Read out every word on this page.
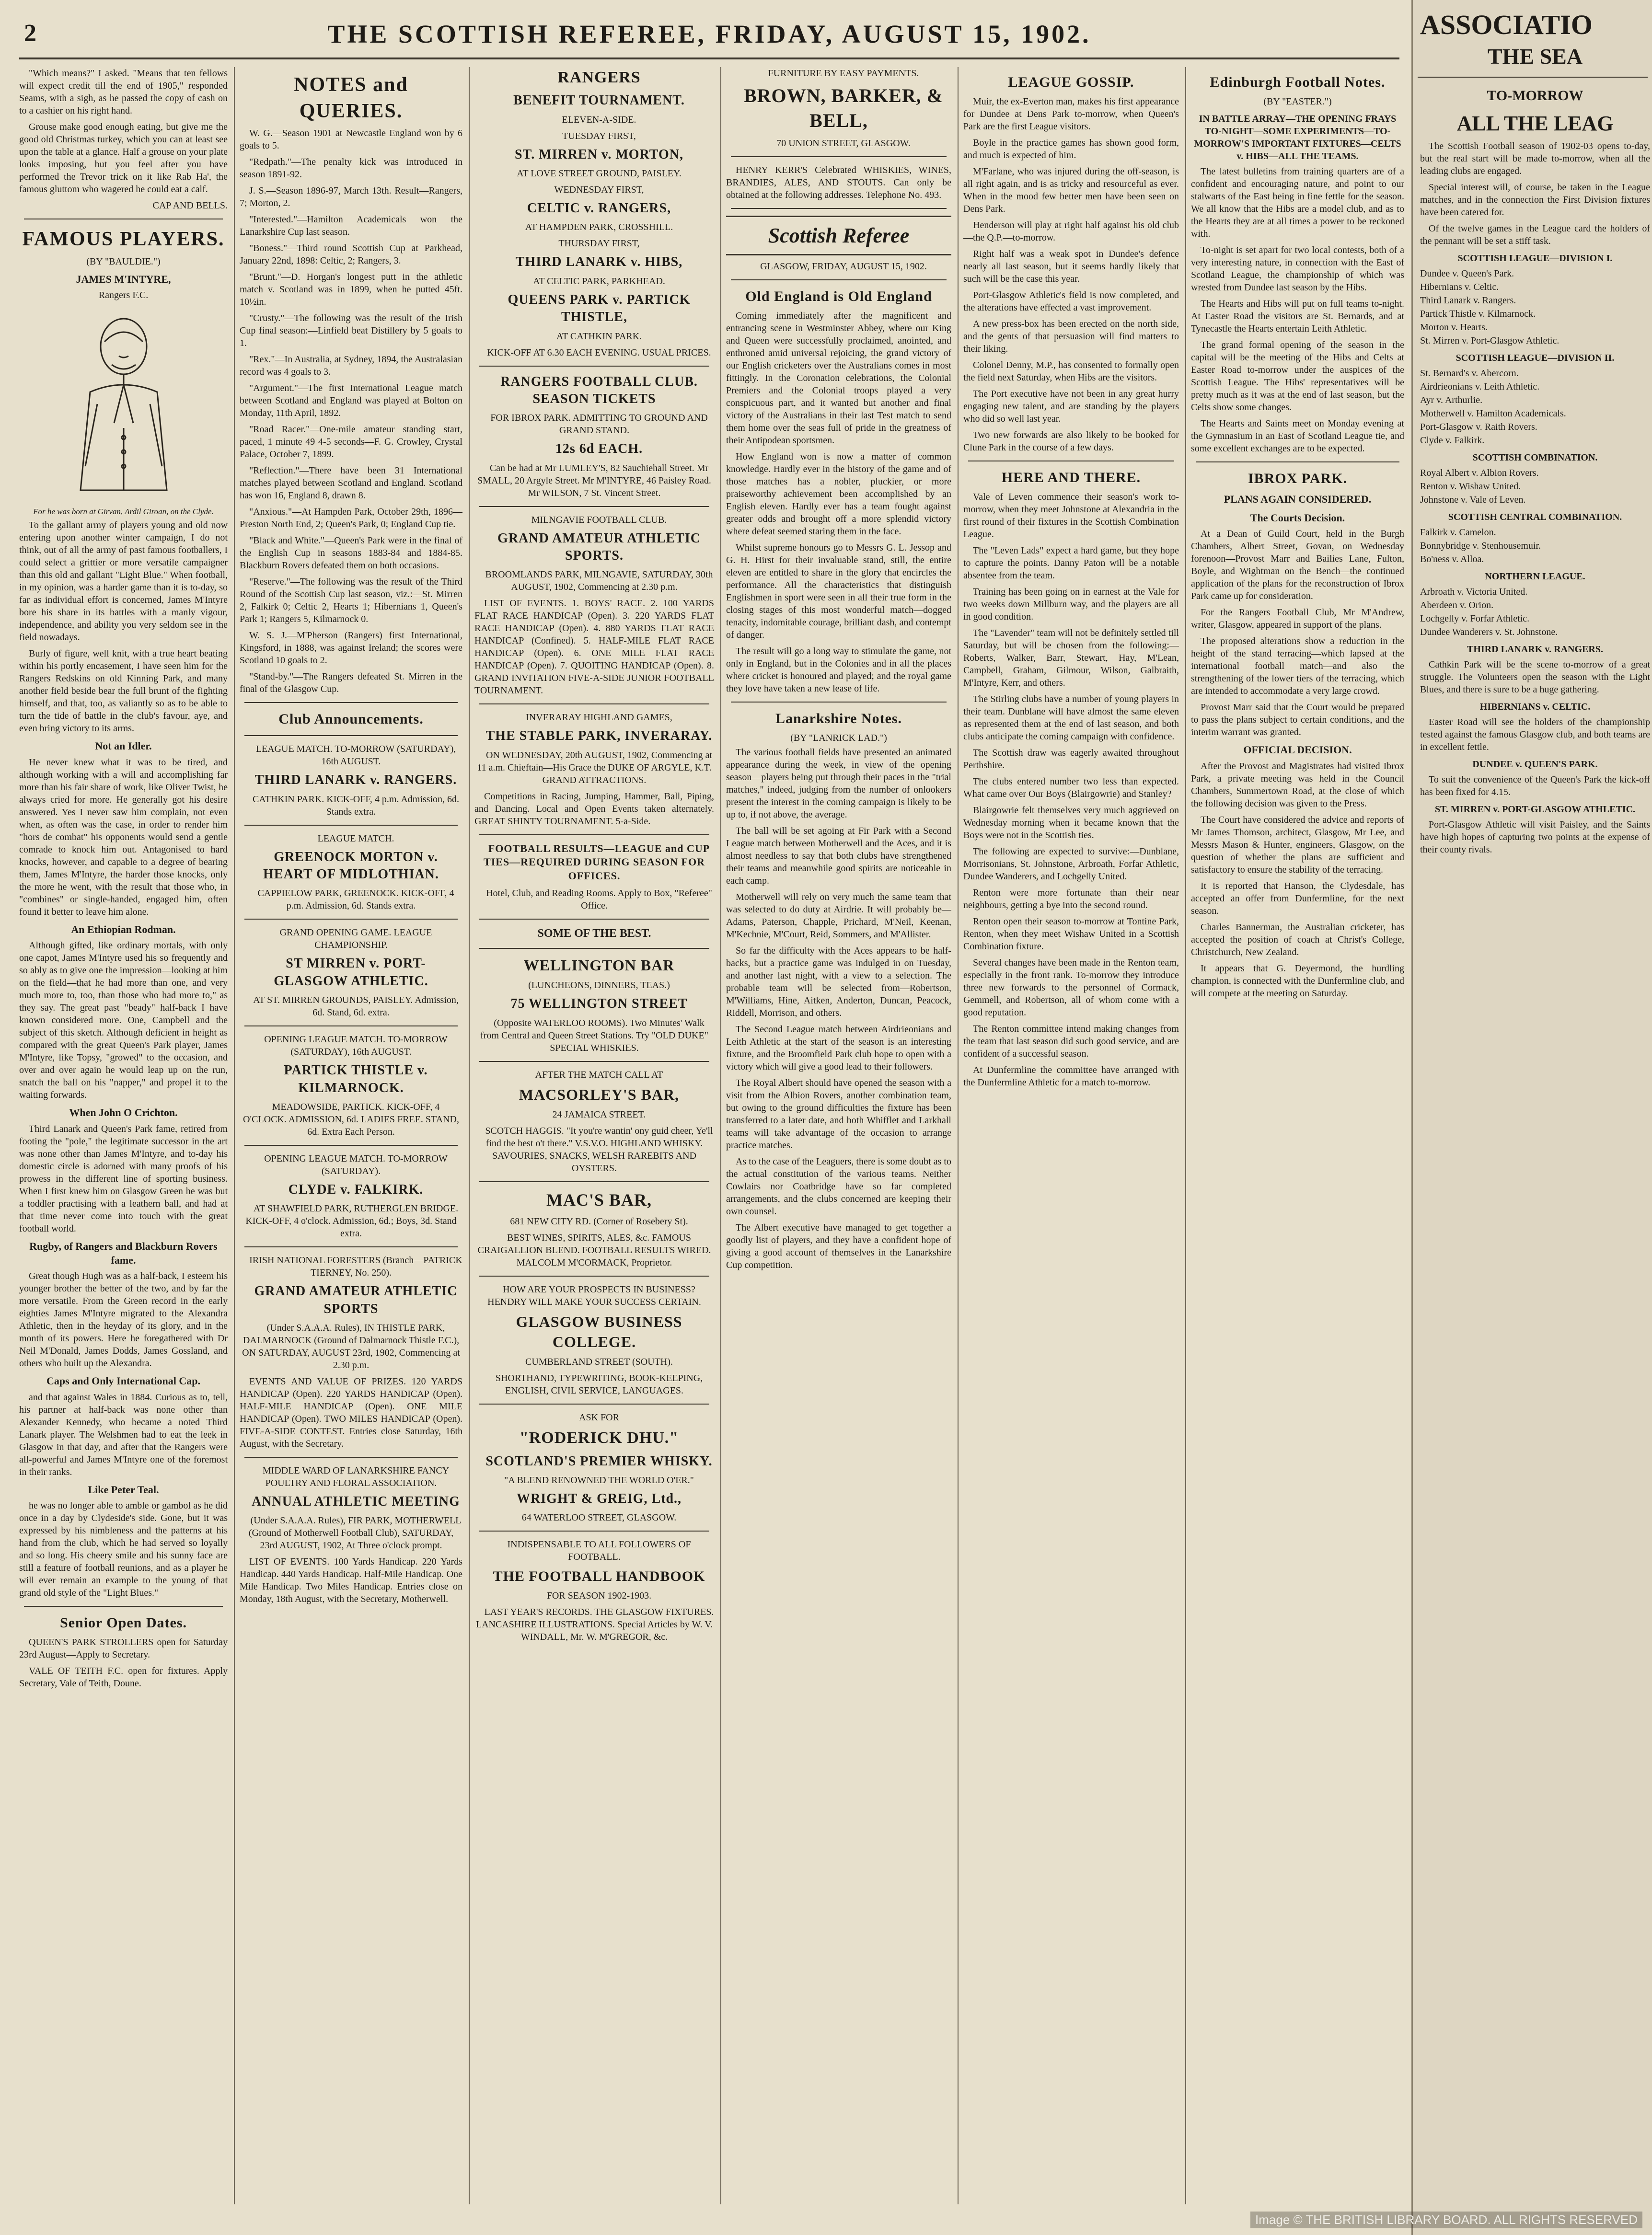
2	THE SCOTTISH REFEREE, FRIDAY, AUGUST 15, 1902.

"Which means?" I asked. "Means that ten fellows will expect credit till the end of 1905," responded Seams, with a sigh, as he passed the copy of cash on to a cashier on his right hand.

Grouse make good enough eating, but give me the good old Christmas turkey, which you can at least see upon the table at a glance. Half a grouse on your plate looks imposing, but you feel after you have performed the Trevor trick on it like Rab Ha', the famous gluttom who wagered he could eat a calf.

CAP AND BELLS.

FAMOUS PLAYERS.

(BY "BAULDIE.")

JAMES M'INTYRE,

Rangers F.C.

For he was born at Girvan, Ardil Giroan, on the Clyde.

To the gallant army of players young and old now entering upon another winter campaign, I do not think, out of all the army of past famous footballers, I could select a grittier or more versatile campaigner than this old and gallant "Light Blue." When football, in my opinion, was a harder game than it is to-day, so far as individual effort is concerned, James M'Intyre bore his share in its battles with a manly vigour, independence, and ability you very seldom see in the field nowadays.

Burly of figure, well knit, with a true heart beating within his portly encasement, I have seen him for the Rangers Redskins on old Kinning Park, and many another field beside bear the full brunt of the fighting himself, and that, too, as valiantly so as to be able to turn the tide of battle in the club's favour, aye, and even bring victory to its arms.

Not an Idler.

He never knew what it was to be tired, and although working with a will and accomplishing far more than his fair share of work, like Oliver Twist, he always cried for more. He generally got his desire answered. Yes I never saw him complain, not even when, as often was the case, in order to render him "hors de combat" his opponents would send a gentle comrade to knock him out. Antagonised to hard knocks, however, and capable to a degree of bearing them, James M'Intyre, the harder those knocks, only the more he went, with the result that those who, in "combines" or single-handed, engaged him, often found it better to leave him alone.

An Ethiopian Rodman.

Although gifted, like ordinary mortals, with only one capot, James M'Intyre used his so frequently and so ably as to give one the impression—looking at him on the field—that he had more than one, and very much more to, too, than those who had more to," as they say. The great past "beady" half-back I have known considered more. One, Campbell and the subject of this sketch. Although deficient in height as compared with the great Queen's Park player, James M'Intyre, like Topsy, "growed" to the occasion, and over and over again he would leap up on the run, snatch the ball on his "napper," and propel it to the waiting forwards.

When John O Crichton.

Third Lanark and Queen's Park fame, retired from footing the "pole," the legitimate successor in the art was none other than James M'Intyre, and to-day his domestic circle is adorned with many proofs of his prowess in the different line of sporting business. When I first knew him on Glasgow Green he was but a toddler practising with a leathern ball, and had at that time never come into touch with the great football world.

Rugby, of Rangers and Blackburn Rovers fame.

Great though Hugh was as a half-back, I esteem his younger brother the better of the two, and by far the more versatile. From the Green record in the early eighties James M'Intyre migrated to the Alexandra Athletic, then in the heyday of its glory, and in the month of its powers. Here he foregathered with Dr Neil M'Donald, James Dodds, James Gossland, and others who built up the Alexandra.

Caps and Only International Cap.

and that against Wales in 1884. Curious as to, tell, his partner at half-back was none other than Alexander Kennedy, who became a noted Third Lanark player. The Welshmen had to eat the leek in Glasgow in that day, and after that the Rangers were all-powerful and James M'Intyre one of the foremost in their ranks.

Like Peter Teal.

he was no longer able to amble or gambol as he did once in a day by Clydeside's side. Gone, but it was expressed by his nimbleness and the patterns at his hand from the club, which he had served so loyally and so long. His cheery smile and his sunny face are still a feature of football reunions, and as a player he will ever remain an example to the young of that grand old style of the "Light Blues."

Senior Open Dates.

QUEEN'S PARK STROLLERS open for Saturday 23rd August—Apply to Secretary.

VALE OF TEITH F.C. open for fixtures. Apply Secretary, Vale of Teith, Doune.

NOTES and QUERIES.

W. G.—Season 1901 at Newcastle England won by 6 goals to 5.

"Redpath."—The penalty kick was introduced in season 1891-92.

J. S.—Season 1896-97, March 13th. Result—Rangers, 7; Morton, 2.

"Interested."—Hamilton Academicals won the Lanarkshire Cup last season.

"Boness."—Third round Scottish Cup at Parkhead, January 22nd, 1898: Celtic, 2; Rangers, 3.

"Brunt."—D. Horgan's longest putt in the athletic match v. Scotland was in 1899, when he putted 45ft. 10½in.

"Crusty."—The following was the result of the Irish Cup final season:—Linfield beat Distillery by 5 goals to 1.

"Rex."—In Australia, at Sydney, 1894, the Australasian record was 4 goals to 3.

"Argument."—The first International League match between Scotland and England was played at Bolton on Monday, 11th April, 1892.

"Road Racer."—One-mile amateur standing start, paced, 1 minute 49 4-5 seconds—F. G. Crowley, Crystal Palace, October 7, 1899.

"Reflection."—There have been 31 International matches played between Scotland and England. Scotland has won 16, England 8, drawn 8.

"Anxious."—At Hampden Park, October 29th, 1896—Preston North End, 2; Queen's Park, 0; England Cup tie.

"Black and White."—Queen's Park were in the final of the English Cup in seasons 1883-84 and 1884-85. Blackburn Rovers defeated them on both occasions.

"Reserve."—The following was the result of the Third Round of the Scottish Cup last season, viz.:—St. Mirren 2, Falkirk 0; Celtic 2, Hearts 1; Hibernians 1, Queen's Park 1; Rangers 5, Kilmarnock 0.

W. S. J.—M'Pherson (Rangers) first International, Kingsford, in 1888, was against Ireland; the scores were Scotland 10 goals to 2.

"Stand-by."—The Rangers defeated St. Mirren in the final of the Glasgow Cup.

Club Announcements.

LEAGUE MATCH. TO-MORROW (SATURDAY), 16th AUGUST.

THIRD LANARK v. RANGERS.

CATHKIN PARK. KICK-OFF, 4 p.m. Admission, 6d. Stands extra.

LEAGUE MATCH.

GREENOCK MORTON v. HEART OF MIDLOTHIAN.

CAPPIELOW PARK, GREENOCK. KICK-OFF, 4 p.m. Admission, 6d. Stands extra.

GRAND OPENING GAME. LEAGUE CHAMPIONSHIP.

ST MIRREN v. PORT-GLASGOW ATHLETIC.

AT ST. MIRREN GROUNDS, PAISLEY. Admission, 6d. Stand, 6d. extra.

OPENING LEAGUE MATCH. TO-MORROW (SATURDAY), 16th AUGUST.

PARTICK THISTLE v. KILMARNOCK.

MEADOWSIDE, PARTICK. KICK-OFF, 4 O'CLOCK. ADMISSION, 6d. LADIES FREE. STAND, 6d. Extra Each Person.

OPENING LEAGUE MATCH. TO-MORROW (SATURDAY).

CLYDE v. FALKIRK.

AT SHAWFIELD PARK, RUTHERGLEN BRIDGE. KICK-OFF, 4 o'clock. Admission, 6d.; Boys, 3d. Stand extra.

IRISH NATIONAL FORESTERS (Branch—PATRICK TIERNEY, No. 250).

GRAND AMATEUR ATHLETIC SPORTS

(Under S.A.A.A. Rules), IN THISTLE PARK, DALMARNOCK (Ground of Dalmarnock Thistle F.C.), ON SATURDAY, AUGUST 23rd, 1902, Commencing at 2.30 p.m.

EVENTS AND VALUE OF PRIZES. 120 YARDS HANDICAP (Open). 220 YARDS HANDICAP (Open). HALF-MILE HANDICAP (Open). ONE MILE HANDICAP (Open). TWO MILES HANDICAP (Open). FIVE-A-SIDE CONTEST. Entries close Saturday, 16th August, with the Secretary.

MIDDLE WARD OF LANARKSHIRE FANCY POULTRY AND FLORAL ASSOCIATION.

ANNUAL ATHLETIC MEETING

(Under S.A.A.A. Rules), FIR PARK, MOTHERWELL (Ground of Motherwell Football Club), SATURDAY, 23rd AUGUST, 1902, At Three o'clock prompt.

LIST OF EVENTS. 100 Yards Handicap. 220 Yards Handicap. 440 Yards Handicap. Half-Mile Handicap. One Mile Handicap. Two Miles Handicap. Entries close on Monday, 18th August, with the Secretary, Motherwell.

RANGERS

BENEFIT TOURNAMENT.

ELEVEN-A-SIDE.

TUESDAY FIRST,

ST. MIRREN v. MORTON,

AT LOVE STREET GROUND, PAISLEY.

WEDNESDAY FIRST,

CELTIC v. RANGERS,

AT HAMPDEN PARK, CROSSHILL.

THURSDAY FIRST,

THIRD LANARK v. HIBS,

AT CELTIC PARK, PARKHEAD.

QUEENS PARK v. PARTICK THISTLE,

AT CATHKIN PARK.

KICK-OFF AT 6.30 EACH EVENING. USUAL PRICES.

RANGERS FOOTBALL CLUB. SEASON TICKETS

FOR IBROX PARK. ADMITTING TO GROUND AND GRAND STAND.

12s 6d EACH.

Can be had at Mr LUMLEY'S, 82 Sauchiehall Street. Mr SMALL, 20 Argyle Street. Mr M'INTYRE, 46 Paisley Road. Mr WILSON, 7 St. Vincent Street.

MILNGAVIE FOOTBALL CLUB.

GRAND AMATEUR ATHLETIC SPORTS.

BROOMLANDS PARK, MILNGAVIE, SATURDAY, 30th AUGUST, 1902, Commencing at 2.30 p.m.

LIST OF EVENTS. 1. BOYS' RACE. 2. 100 YARDS FLAT RACE HANDICAP (Open). 3. 220 YARDS FLAT RACE HANDICAP (Open). 4. 880 YARDS FLAT RACE HANDICAP (Confined). 5. HALF-MILE FLAT RACE HANDICAP (Open). 6. ONE MILE FLAT RACE HANDICAP (Open). 7. QUOITING HANDICAP (Open). 8. GRAND INVITATION FIVE-A-SIDE JUNIOR FOOTBALL TOURNAMENT.

INVERARAY HIGHLAND GAMES,

THE STABLE PARK, INVERARAY.

ON WEDNESDAY, 20th AUGUST, 1902, Commencing at 11 a.m. Chieftain—His Grace the DUKE OF ARGYLE, K.T. GRAND ATTRACTIONS.

Competitions in Racing, Jumping, Hammer, Ball, Piping, and Dancing. Local and Open Events taken alternately. GREAT SHINTY TOURNAMENT. 5-a-Side.

FOOTBALL RESULTS—LEAGUE and CUP TIES—REQUIRED DURING SEASON FOR OFFICES.

Hotel, Club, and Reading Rooms. Apply to Box, "Referee" Office.

SOME OF THE BEST.

WELLINGTON BAR

(LUNCHEONS, DINNERS, TEAS.)

75 WELLINGTON STREET

(Opposite WATERLOO ROOMS). Two Minutes' Walk from Central and Queen Street Stations. Try "OLD DUKE" SPECIAL WHISKIES.

AFTER THE MATCH CALL AT

MACSORLEY'S BAR,

24 JAMAICA STREET.

SCOTCH HAGGIS. "It you're wantin' ony guid cheer, Ye'll find the best o't there." V.S.V.O. HIGHLAND WHISKY. SAVOURIES, SNACKS, WELSH RAREBITS AND OYSTERS.

MAC'S BAR,

681 NEW CITY RD. (Corner of Rosebery St).

BEST WINES, SPIRITS, ALES, &c. FAMOUS CRAIGALLION BLEND. FOOTBALL RESULTS WIRED. MALCOLM M'CORMACK, Proprietor.

HOW ARE YOUR PROSPECTS IN BUSINESS? HENDRY WILL MAKE YOUR SUCCESS CERTAIN.

GLASGOW BUSINESS COLLEGE.

CUMBERLAND STREET (SOUTH).

SHORTHAND, TYPEWRITING, BOOK-KEEPING, ENGLISH, CIVIL SERVICE, LANGUAGES.

ASK FOR

"RODERICK DHU."

SCOTLAND'S PREMIER WHISKY.

"A BLEND RENOWNED THE WORLD O'ER."

WRIGHT & GREIG, Ltd.,

64 WATERLOO STREET, GLASGOW.

INDISPENSABLE TO ALL FOLLOWERS OF FOOTBALL.

THE FOOTBALL HANDBOOK

FOR SEASON 1902-1903.

LAST YEAR'S RECORDS. THE GLASGOW FIXTURES. LANCASHIRE ILLUSTRATIONS. Special Articles by W. V. WINDALL, Mr. W. M'GREGOR, &c.

FURNITURE BY EASY PAYMENTS.

BROWN, BARKER, & BELL,

70 UNION STREET, GLASGOW.

HENRY KERR'S Celebrated WHISKIES, WINES, BRANDIES, ALES, AND STOUTS. Can only be obtained at the following addresses. Telephone No. 493.

Scottish Referee

GLASGOW, FRIDAY, AUGUST 15, 1902.

Old England is Old England

Coming immediately after the magnificent and entrancing scene in Westminster Abbey, where our King and Queen were successfully proclaimed, anointed, and enthroned amid universal rejoicing, the grand victory of our English cricketers over the Australians comes in most fittingly. In the Coronation celebrations, the Colonial Premiers and the Colonial troops played a very conspicuous part, and it wanted but another and final victory of the Australians in their last Test match to send them home over the seas full of pride in the greatness of their Antipodean sportsmen.

How England won is now a matter of common knowledge. Hardly ever in the history of the game and of those matches has a nobler, pluckier, or more praiseworthy achievement been accomplished by an English eleven. Hardly ever has a team fought against greater odds and brought off a more splendid victory where defeat seemed staring them in the face.

Whilst supreme honours go to Messrs G. L. Jessop and G. H. Hirst for their invaluable stand, still, the entire eleven are entitled to share in the glory that encircles the performance. All the characteristics that distinguish Englishmen in sport were seen in all their true form in the closing stages of this most wonderful match—dogged tenacity, indomitable courage, brilliant dash, and contempt of danger.

The result will go a long way to stimulate the game, not only in England, but in the Colonies and in all the places where cricket is honoured and played; and the royal game they love have taken a new lease of life.

Lanarkshire Notes.

(BY "LANRICK LAD.")

The various football fields have presented an animated appearance during the week, in view of the opening season—players being put through their paces in the "trial matches," indeed, judging from the number of onlookers present the interest in the coming campaign is likely to be up to, if not above, the average.

The ball will be set agoing at Fir Park with a Second League match between Motherwell and the Aces, and it is almost needless to say that both clubs have strengthened their teams and meanwhile good spirits are noticeable in each camp.

Motherwell will rely on very much the same team that was selected to do duty at Airdrie. It will probably be—Adams, Paterson, Chapple, Prichard, M'Neil, Keenan, M'Kechnie, M'Court, Reid, Sommers, and M'Allister.

So far the difficulty with the Aces appears to be half-backs, but a practice game was indulged in on Tuesday, and another last night, with a view to a selection. The probable team will be selected from—Robertson, M'Williams, Hine, Aitken, Anderton, Duncan, Peacock, Riddell, Morrison, and others.

The Second League match between Airdrieonians and Leith Athletic at the start of the season is an interesting fixture, and the Broomfield Park club hope to open with a victory which will give a good lead to their followers.

The Royal Albert should have opened the season with a visit from the Albion Rovers, another combination team, but owing to the ground difficulties the fixture has been transferred to a later date, and both Whifflet and Larkhall teams will take advantage of the occasion to arrange practice matches.

As to the case of the Leaguers, there is some doubt as to the actual constitution of the various teams. Neither Cowlairs nor Coatbridge have so far completed arrangements, and the clubs concerned are keeping their own counsel.

The Albert executive have managed to get together a goodly list of players, and they have a confident hope of giving a good account of themselves in the Lanarkshire Cup competition.

LEAGUE GOSSIP.

Muir, the ex-Everton man, makes his first appearance for Dundee at Dens Park to-morrow, when Queen's Park are the first League visitors.

Boyle in the practice games has shown good form, and much is expected of him.

M'Farlane, who was injured during the off-season, is all right again, and is as tricky and resourceful as ever. When in the mood few better men have been seen on Dens Park.

Henderson will play at right half against his old club—the Q.P.—to-morrow.

Right half was a weak spot in Dundee's defence nearly all last season, but it seems hardly likely that such will be the case this year.

Port-Glasgow Athletic's field is now completed, and the alterations have effected a vast improvement.

A new press-box has been erected on the north side, and the gents of that persuasion will find matters to their liking.

Colonel Denny, M.P., has consented to formally open the field next Saturday, when Hibs are the visitors.

The Port executive have not been in any great hurry engaging new talent, and are standing by the players who did so well last year.

Two new forwards are also likely to be booked for Clune Park in the course of a few days.

HERE AND THERE.

Vale of Leven commence their season's work to-morrow, when they meet Johnstone at Alexandria in the first round of their fixtures in the Scottish Combination League.

The "Leven Lads" expect a hard game, but they hope to capture the points. Danny Paton will be a notable absentee from the team.

Training has been going on in earnest at the Vale for two weeks down Millburn way, and the players are all in good condition.

The "Lavender" team will not be definitely settled till Saturday, but will be chosen from the following:—Roberts, Walker, Barr, Stewart, Hay, M'Lean, Campbell, Graham, Gilmour, Wilson, Galbraith, M'Intyre, Kerr, and others.

The Stirling clubs have a number of young players in their team. Dunblane will have almost the same eleven as represented them at the end of last season, and both clubs anticipate the coming campaign with confidence.

The Scottish draw was eagerly awaited throughout Perthshire.

The clubs entered number two less than expected. What came over Our Boys (Blairgowrie) and Stanley?

Blairgowrie felt themselves very much aggrieved on Wednesday morning when it became known that the Boys were not in the Scottish ties.

The following are expected to survive:—Dunblane, Morrisonians, St. Johnstone, Arbroath, Forfar Athletic, Dundee Wanderers, and Lochgelly United.

Renton were more fortunate than their near neighbours, getting a bye into the second round.

Renton open their season to-morrow at Tontine Park, Renton, when they meet Wishaw United in a Scottish Combination fixture.

Several changes have been made in the Renton team, especially in the front rank. To-morrow they introduce three new forwards to the personnel of Cormack, Gemmell, and Robertson, all of whom come with a good reputation.

The Renton committee intend making changes from the team that last season did such good service, and are confident of a successful season.

At Dunfermline the committee have arranged with the Dunfermline Athletic for a match to-morrow.

Edinburgh Football Notes.

(BY "EASTER.")

IN BATTLE ARRAY—THE OPENING FRAYS TO-NIGHT—SOME EXPERIMENTS—TO-MORROW'S IMPORTANT FIXTURES—CELTS v. HIBS—ALL THE TEAMS.

The latest bulletins from training quarters are of a confident and encouraging nature, and point to our stalwarts of the East being in fine fettle for the season. We all know that the Hibs are a model club, and as to the Hearts they are at all times a power to be reckoned with.

To-night is set apart for two local contests, both of a very interesting nature, in connection with the East of Scotland League, the championship of which was wrested from Dundee last season by the Hibs.

The Hearts and Hibs will put on full teams to-night. At Easter Road the visitors are St. Bernards, and at Tynecastle the Hearts entertain Leith Athletic.

The grand formal opening of the season in the capital will be the meeting of the Hibs and Celts at Easter Road to-morrow under the auspices of the Scottish League. The Hibs' representatives will be pretty much as it was at the end of last season, but the Celts show some changes.

The Hearts and Saints meet on Monday evening at the Gymnasium in an East of Scotland League tie, and some excellent exchanges are to be expected.

IBROX PARK.

PLANS AGAIN CONSIDERED.

The Courts Decision.

At a Dean of Guild Court, held in the Burgh Chambers, Albert Street, Govan, on Wednesday forenoon—Provost Marr and Bailies Lane, Fulton, Boyle, and Wightman on the Bench—the continued application of the plans for the reconstruction of Ibrox Park came up for consideration.

For the Rangers Football Club, Mr M'Andrew, writer, Glasgow, appeared in support of the plans.

The proposed alterations show a reduction in the height of the stand terracing—which lapsed at the international football match—and also the strengthening of the lower tiers of the terracing, which are intended to accommodate a very large crowd.

Provost Marr said that the Court would be prepared to pass the plans subject to certain conditions, and the interim warrant was granted.

OFFICIAL DECISION.

After the Provost and Magistrates had visited Ibrox Park, a private meeting was held in the Council Chambers, Summertown Road, at the close of which the following decision was given to the Press.

The Court have considered the advice and reports of Mr James Thomson, architect, Glasgow, Mr Lee, and Messrs Mason & Hunter, engineers, Glasgow, on the question of whether the plans are sufficient and satisfactory to ensure the stability of the terracing.

It is reported that Hanson, the Clydesdale, has accepted an offer from Dunfermline, for the next season.

Charles Bannerman, the Australian cricketer, has accepted the position of coach at Christ's College, Christchurch, New Zealand.

It appears that G. Deyermond, the hurdling champion, is connected with the Dunfermline club, and will compete at the meeting on Saturday.

ASSOCIATIO
THE SEA

TO-MORROW

ALL THE LEAG

The Scottish Football season of 1902-03 opens to-day, but the real start will be made to-morrow, when all the leading clubs are engaged.

Special interest will, of course, be taken in the League matches, and in the connection the First Division fixtures have been catered for.

Of the twelve games in the League card the holders of the pennant will be set a stiff task.

SCOTTISH LEAGUE—DIVISION I.

Dundee v. Queen's Park.

Hibernians v. Celtic.

Third Lanark v. Rangers.

Partick Thistle v. Kilmarnock.

Morton v. Hearts.

St. Mirren v. Port-Glasgow Athletic.

SCOTTISH LEAGUE—DIVISION II.

St. Bernard's v. Abercorn.

Airdrieonians v. Leith Athletic.

Ayr v. Arthurlie.

Motherwell v. Hamilton Academicals.

Port-Glasgow v. Raith Rovers.

Clyde v. Falkirk.

SCOTTISH COMBINATION.

Royal Albert v. Albion Rovers.

Renton v. Wishaw United.

Johnstone v. Vale of Leven.

SCOTTISH CENTRAL COMBINATION.

Falkirk v. Camelon.

Bonnybridge v. Stenhousemuir.

Bo'ness v. Alloa.

NORTHERN LEAGUE.

Arbroath v. Victoria United.

Aberdeen v. Orion.

Lochgelly v. Forfar Athletic.

Dundee Wanderers v. St. Johnstone.

THIRD LANARK v. RANGERS.

Cathkin Park will be the scene to-morrow of a great struggle. The Volunteers open the season with the Light Blues, and there is sure to be a huge gathering.

HIBERNIANS v. CELTIC.

Easter Road will see the holders of the championship tested against the famous Glasgow club, and both teams are in excellent fettle.

DUNDEE v. QUEEN'S PARK.

To suit the convenience of the Queen's Park the kick-off has been fixed for 4.15.

ST. MIRREN v. PORT-GLASGOW ATHLETIC.

Port-Glasgow Athletic will visit Paisley, and the Saints have high hopes of capturing two points at the expense of their county rivals.

Image © THE BRITISH LIBRARY BOARD. ALL RIGHTS RESERVED
